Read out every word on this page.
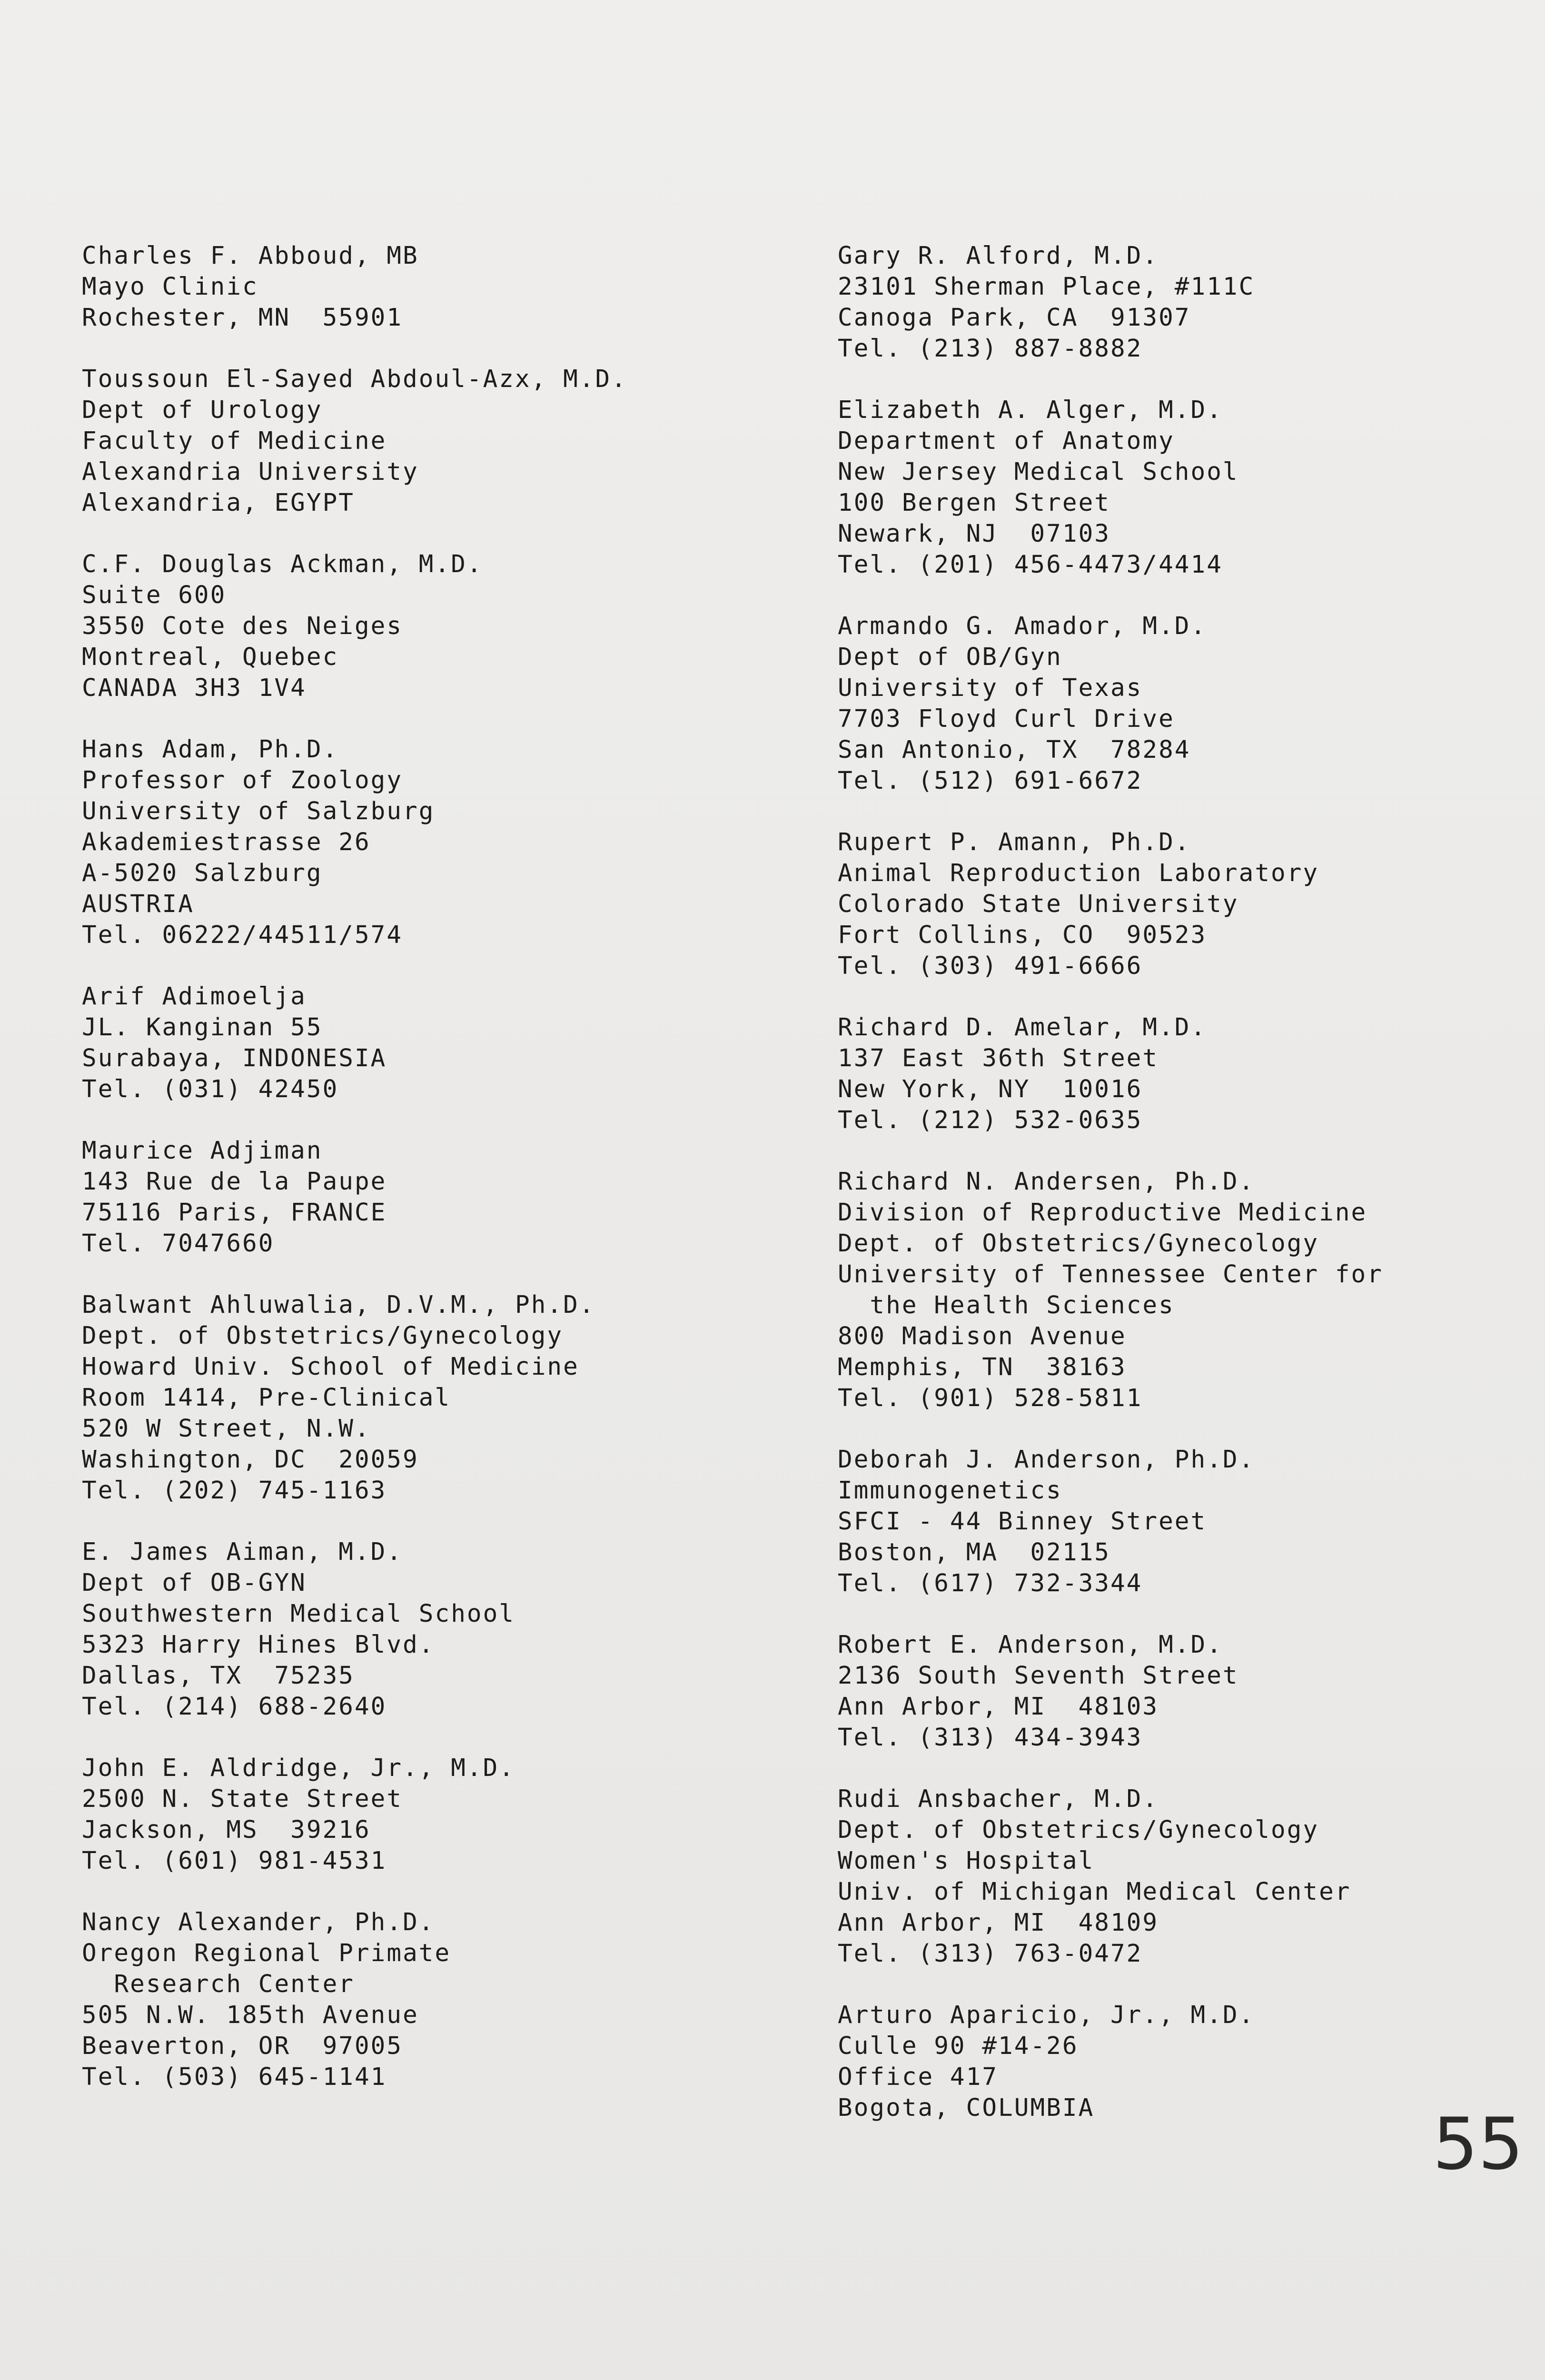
Charles F. Abboud, MB
Mayo Clinic
Rochester, MN  55901
Toussoun El-Sayed Abdoul-Azx, M.D.
Dept of Urology
Faculty of Medicine
Alexandria University
Alexandria, EGYPT
C.F. Douglas Ackman, M.D.
Suite 600
3550 Cote des Neiges
Montreal, Quebec
CANADA 3H3 1V4
Hans Adam, Ph.D.
Professor of Zoology
University of Salzburg
Akademiestrasse 26
A-5020 Salzburg
AUSTRIA
Tel. 06222/44511/574
Arif Adimoelja
JL. Kanginan 55
Surabaya, INDONESIA
Tel. (031) 42450
Maurice Adjiman
143 Rue de la Paupe
75116 Paris, FRANCE
Tel. 7047660
Balwant Ahluwalia, D.V.M., Ph.D.
Dept. of Obstetrics/Gynecology
Howard Univ. School of Medicine
Room 1414, Pre-Clinical
520 W Street, N.W.
Washington, DC  20059
Tel. (202) 745-1163
E. James Aiman, M.D.
Dept of OB-GYN
Southwestern Medical School
5323 Harry Hines Blvd.
Dallas, TX  75235
Tel. (214) 688-2640
John E. Aldridge, Jr., M.D.
2500 N. State Street
Jackson, MS  39216
Tel. (601) 981-4531
Nancy Alexander, Ph.D.
Oregon Regional Primate
Research Center
505 N.W. 185th Avenue
Beaverton, OR  97005
Tel. (503) 645-1141
Gary R. Alford, M.D.
23101 Sherman Place, #111C
Canoga Park, CA  91307
Tel. (213) 887-8882
Elizabeth A. Alger, M.D.
Department of Anatomy
New Jersey Medical School
100 Bergen Street
Newark, NJ  07103
Tel. (201) 456-4473/4414
Armando G. Amador, M.D.
Dept of OB/Gyn
University of Texas
7703 Floyd Curl Drive
San Antonio, TX  78284
Tel. (512) 691-6672
Rupert P. Amann, Ph.D.
Animal Reproduction Laboratory
Colorado State University
Fort Collins, CO  90523
Tel. (303) 491-6666
Richard D. Amelar, M.D.
137 East 36th Street
New York, NY  10016
Tel. (212) 532-0635
Richard N. Andersen, Ph.D.
Division of Reproductive Medicine
Dept. of Obstetrics/Gynecology
University of Tennessee Center for
the Health Sciences
800 Madison Avenue
Memphis, TN  38163
Tel. (901) 528-5811
Deborah J. Anderson, Ph.D.
Immunogenetics
SFCI - 44 Binney Street
Boston, MA  02115
Tel. (617) 732-3344
Robert E. Anderson, M.D.
2136 South Seventh Street
Ann Arbor, MI  48103
Tel. (313) 434-3943
Rudi Ansbacher, M.D.
Dept. of Obstetrics/Gynecology
Women's Hospital
Univ. of Michigan Medical Center
Ann Arbor, MI  48109
Tel. (313) 763-0472
Arturo Aparicio, Jr., M.D.
Culle 90 #14-26
Office 417
Bogota, COLUMBIA	55
